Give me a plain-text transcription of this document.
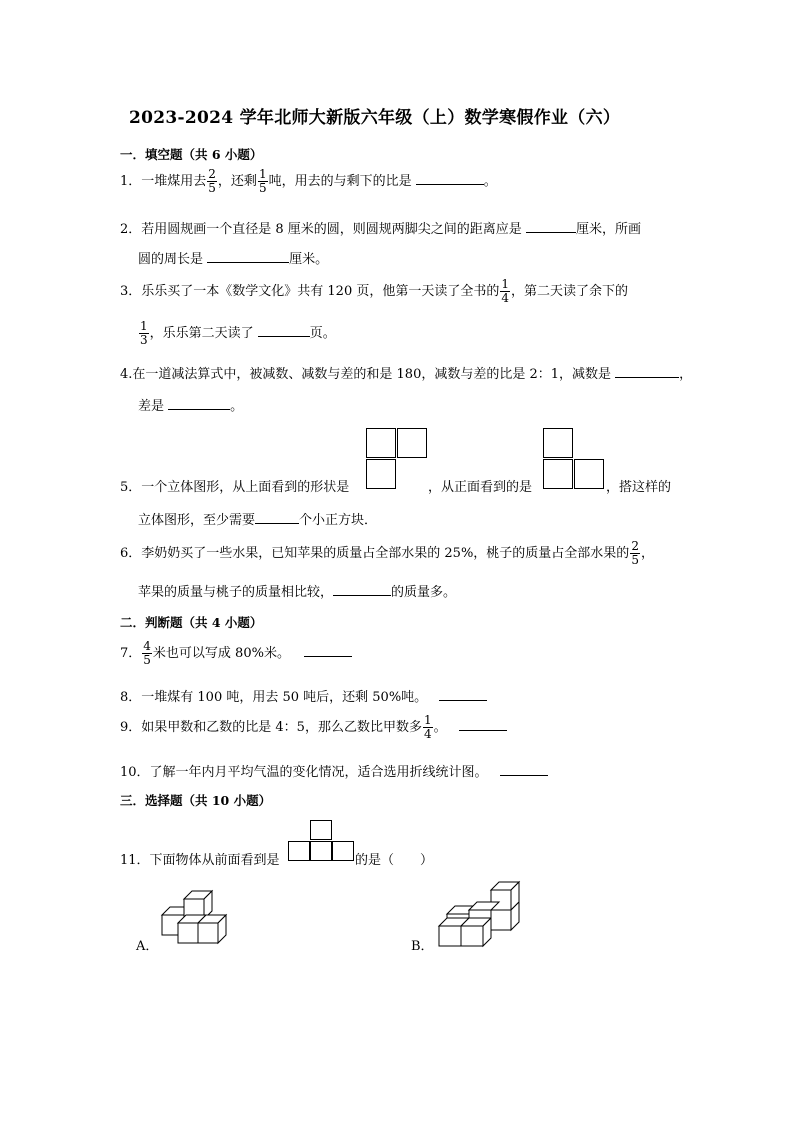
2023-2024 学年北师大新版六年级（上）数学寒假作业（六）
一．填空题（共 6 小题）
1．一堆煤用去 $\frac{2}{5}$ ，还剩 $\frac{1}{5}$ 吨，用去的与剩下的比是	。
2．若用圆规画一个直径是 8 厘米的圆，则圆规两脚尖之间的距离应是	厘米，所画
圆的周长是	厘米。
3．乐乐买了一本《数学文化》共有 120 页，他第一天读了全书的 $\frac{1}{4}$ ，第二天读了余下的
$\frac{1}{3}$ ，乐乐第二天读了	页。
4.在一道减法算式中，被减数、减数与差的和是 180，减数与差的比是 2：1，减数是	，
差是	。
5．一个立体图形，从上面看到的形状是	，从正面看到的是	，搭这样的
立体图形，至少需要	个小正方块．
6．李奶奶买了一些水果，已知苹果的质量占全部水果的 25%，桃子的质量占全部水果的 $\frac{2}{5}$ ，
苹果的质量与桃子的质量相比较，	的质量多。
二．判断题（共 4 小题）
7． $\frac{4}{5}$ 米也可以写成 80%米。
8．一堆煤有 100 吨，用去 50 吨后，还剩 50%吨。
9．如果甲数和乙数的比是 4：5，那么乙数比甲数多 $\frac{1}{4}$ 。
10．了解一年内月平均气温的变化情况，适合选用折线统计图。
三．选择题（共 10 小题）
11．下面物体从前面看到是	的是（　　）
A．	B．
